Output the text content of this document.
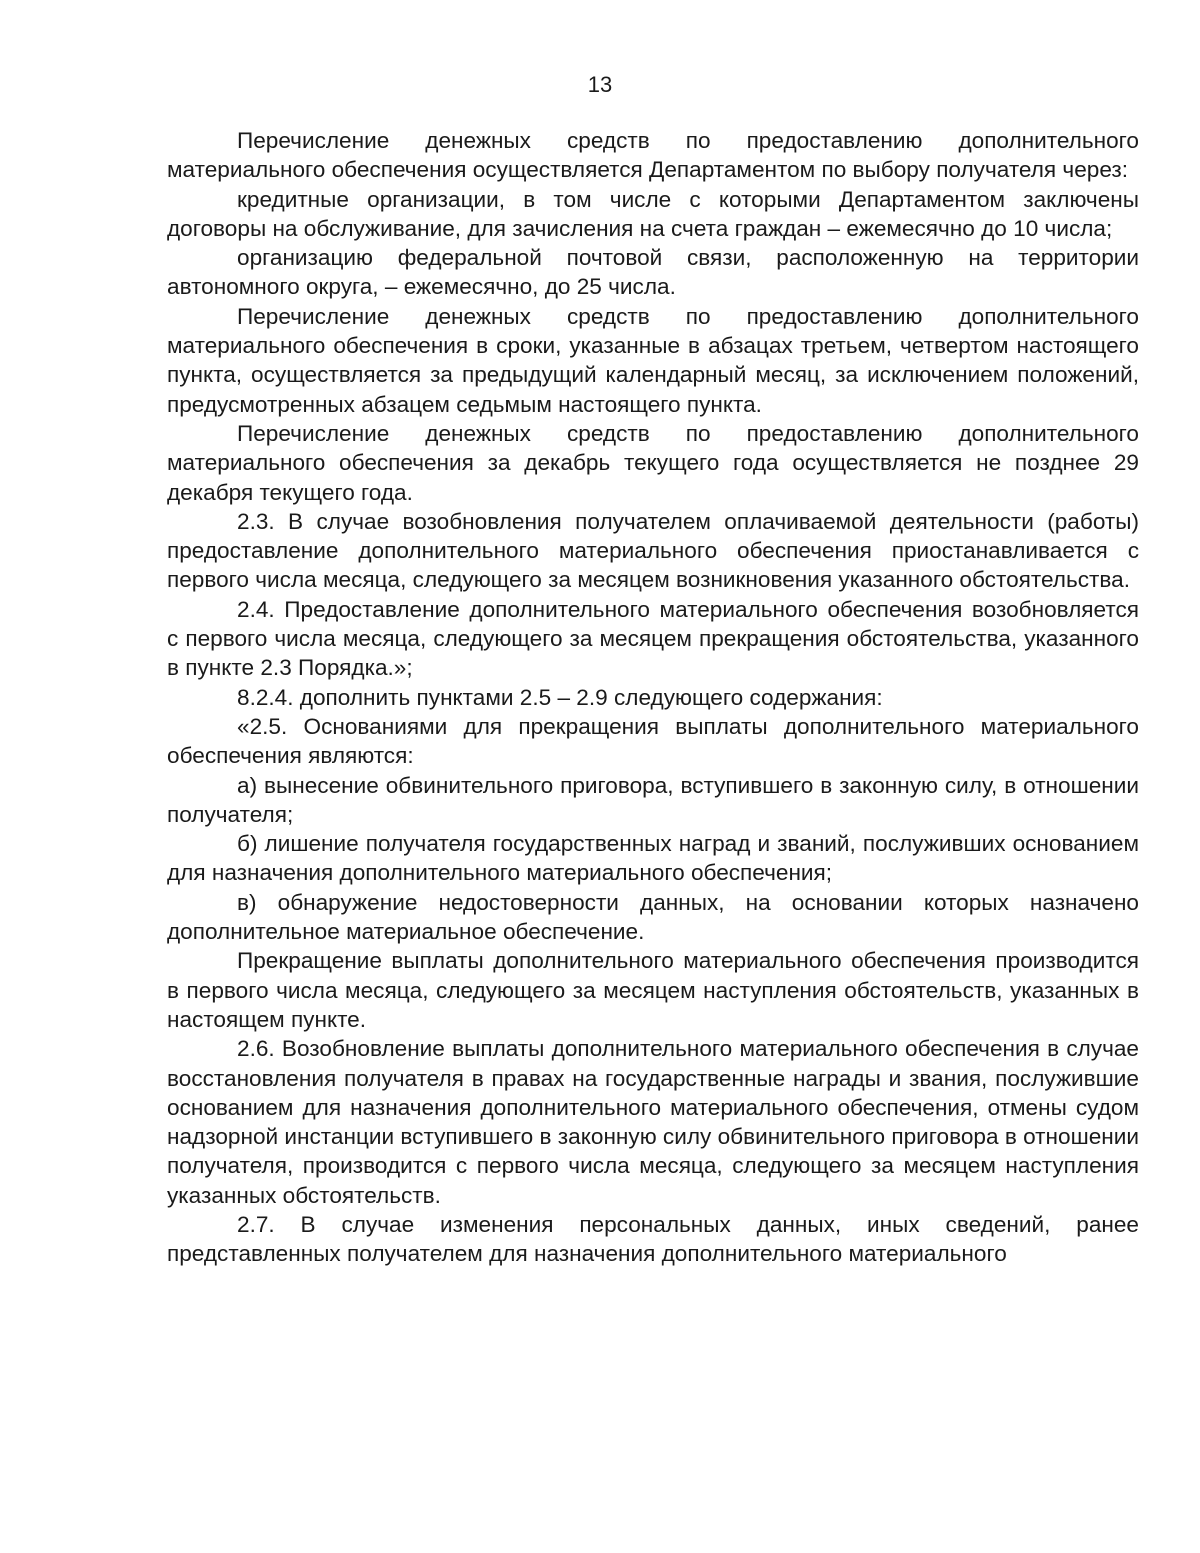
13

Перечисление денежных средств по предоставлению дополнительного материального обеспечения осуществляется Департаментом по выбору получателя через:

кредитные организации, в том числе с которыми Департаментом заключены договоры на обслуживание, для зачисления на счета граждан – ежемесячно до 10 числа;

организацию федеральной почтовой связи, расположенную на территории автономного округа, – ежемесячно, до 25 числа.

Перечисление денежных средств по предоставлению дополнительного материального обеспечения в сроки, указанные в абзацах третьем, четвертом настоящего пункта, осуществляется за предыдущий календарный месяц, за исключением положений, предусмотренных абзацем седьмым настоящего пункта.

Перечисление денежных средств по предоставлению дополнительного материального обеспечения за декабрь текущего года осуществляется не позднее 29 декабря текущего года.

2.3. В случае возобновления получателем оплачиваемой деятельности (работы) предоставление дополнительного материального обеспечения приостанавливается с первого числа месяца, следующего за месяцем возникновения указанного обстоятельства.

2.4. Предоставление дополнительного материального обеспечения возобновляется с первого числа месяца, следующего за месяцем прекращения обстоятельства, указанного в пункте 2.3 Порядка.»;

8.2.4. дополнить пунктами 2.5 – 2.9 следующего содержания:

«2.5. Основаниями для прекращения выплаты дополнительного материального обеспечения являются:

а) вынесение обвинительного приговора, вступившего в законную силу, в отношении получателя;

б) лишение получателя государственных наград и званий, послуживших основанием для назначения дополнительного материального обеспечения;

в) обнаружение недостоверности данных, на основании которых назначено дополнительное материальное обеспечение.

Прекращение выплаты дополнительного материального обеспечения производится в первого числа месяца, следующего за месяцем наступления обстоятельств, указанных в настоящем пункте.

2.6. Возобновление выплаты дополнительного материального обеспечения в случае восстановления получателя в правах на государственные награды и звания, послужившие основанием для назначения дополнительного материального обеспечения, отмены судом надзорной инстанции вступившего в законную силу обвинительного приговора в отношении получателя, производится с первого числа месяца, следующего за месяцем наступления указанных обстоятельств.

2.7. В случае изменения персональных данных, иных сведений, ранее представленных получателем для назначения дополнительного материального
